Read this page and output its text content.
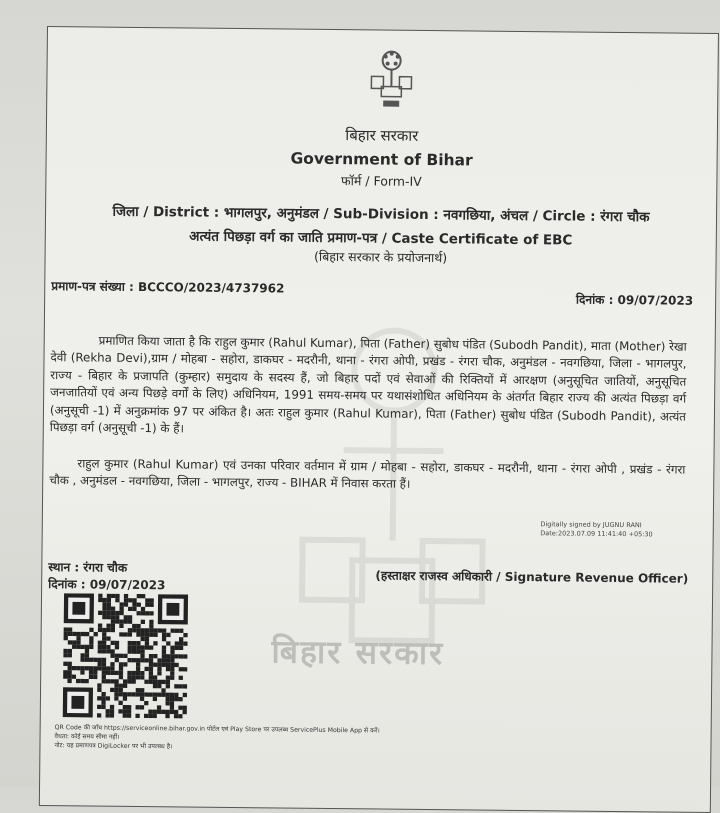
बिहार सरकार
बिहार सरकार
Government of Bihar
फॉर्म / Form-IV
जिला / District : भागलपुर, अनुमंडल / Sub-Division : नवगछिया, अंचल / Circle : रंगरा चौक
अत्यंत पिछड़ा वर्ग का जाति प्रमाण-पत्र / Caste Certificate of EBC
(बिहार सरकार के प्रयोजनार्थ)
प्रमाण-पत्र संख्या : BCCCO/2023/4737962
दिनांक : 09/07/2023
प्रमाणित किया जाता है कि राहुल कुमार (Rahul Kumar), पिता (Father) सुबोध पंडित (Subodh Pandit), माता (Mother) रेखा देवी (Rekha Devi),ग्राम / मोहबा - सहोरा, डाकघर - मदरौनी, थाना - रंगरा ओपी, प्रखंड - रंगरा चौक, अनुमंडल - नवगछिया, जिला - भागलपुर, राज्य - बिहार के प्रजापति (कुम्हार) समुदाय के सदस्य हैं, जो बिहार पदों एवं सेवाओं की रिक्तियों में आरक्षण (अनुसूचित जातियों, अनुसूचित जनजातियों एवं अन्य पिछड़े वर्गों के लिए) अधिनियम, 1991 समय-समय पर यथासंशोधित अधिनियम के अंतर्गत बिहार राज्य की अत्यंत पिछड़ा वर्ग (अनुसूची -1) में अनुक्रमांक 97 पर अंकित है। अतः राहुल कुमार (Rahul Kumar), पिता (Father) सुबोध पंडित (Subodh Pandit), अत्यंत पिछड़ा वर्ग (अनुसूची -1) के हैं।
राहुल कुमार (Rahul Kumar) एवं उनका परिवार वर्तमान में ग्राम / मोहबा - सहोरा, डाकघर - मदरौनी, थाना - रंगरा ओपी , प्रखंड - रंगरा चौक , अनुमंडल - नवगछिया, जिला - भागलपुर, राज्य - BIHAR में निवास करता हैं।
Digitally signed by JUGNU RANI
Date:2023.07.09 11:41:40 +05:30
स्थान : रंगरा चौक
दिनांक : 09/07/2023	(हस्ताक्षर राजस्व अधिकारी / Signature Revenue Officer)
QR Code की जाँच https://serviceonline.bihar.gov.in पोर्टल एवं Play Store पर उपलब्ध ServicePlus Mobile App से करें।
वैधता: कोई समय सीमा नहीं।
नोट: यह प्रमाणपत्र DigiLocker पर भी उपलब्ध है।
